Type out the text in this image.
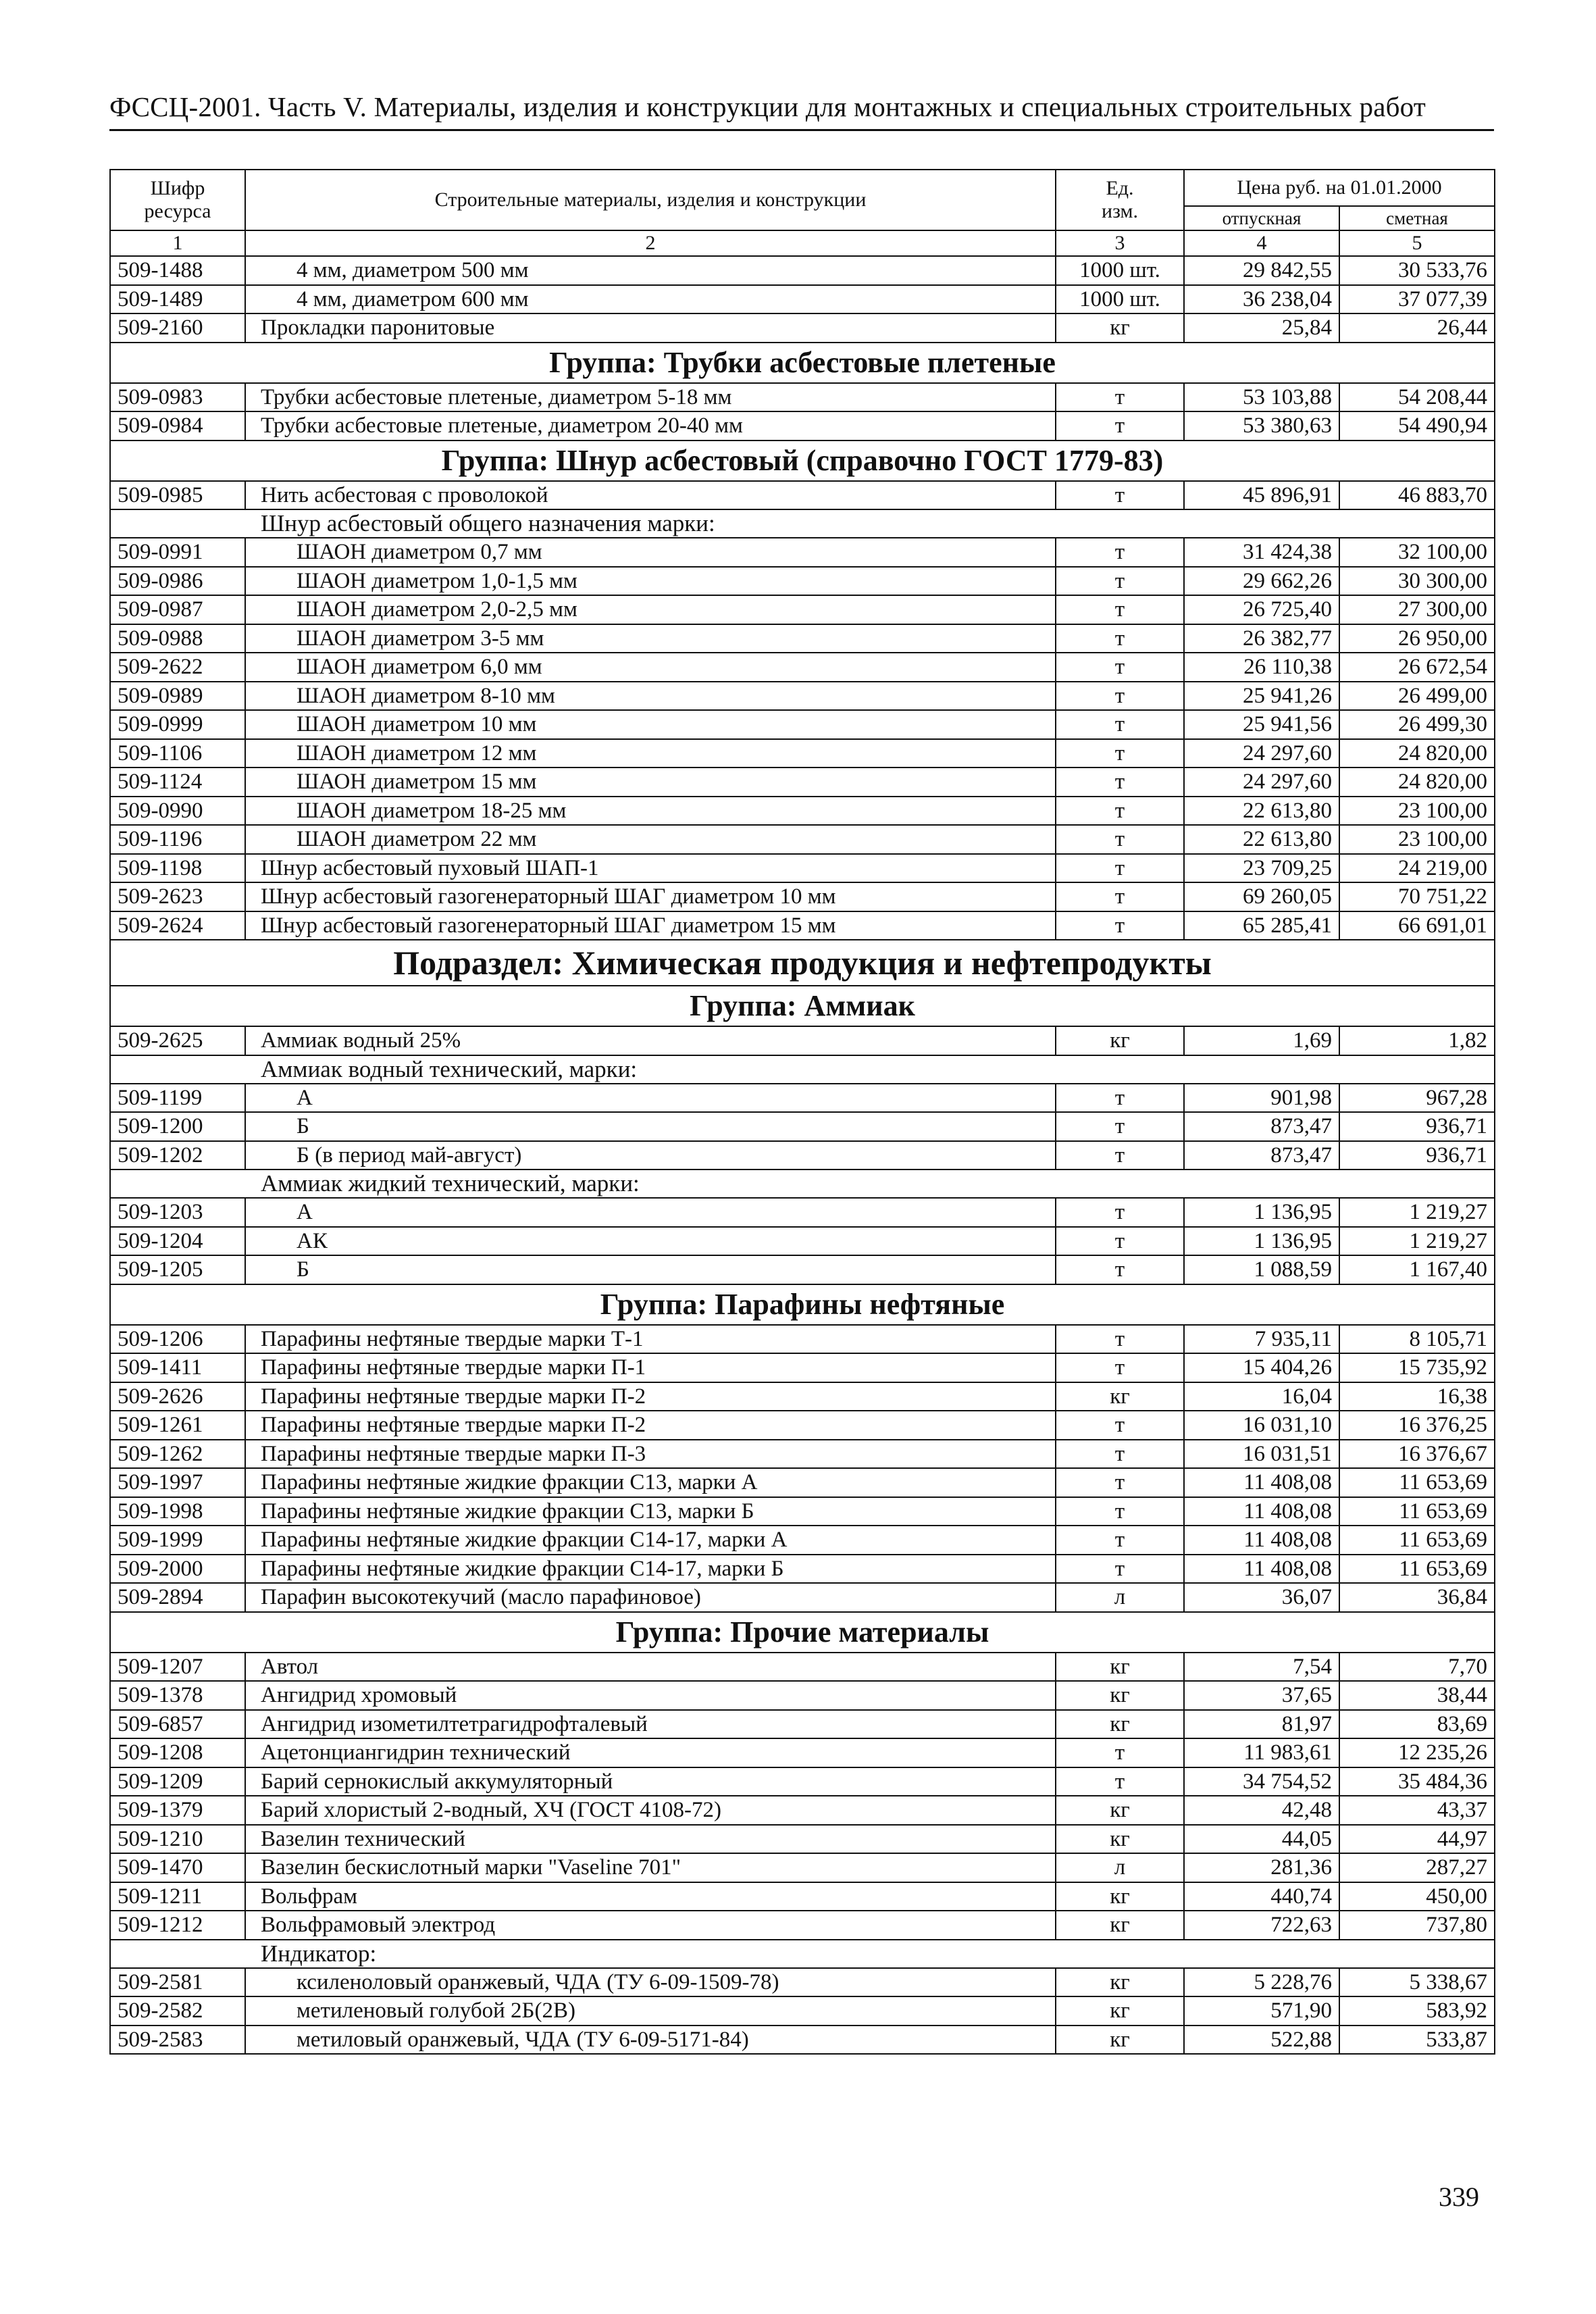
ФССЦ-2001. Часть V. Материалы, изделия и конструкции для монтажных и специальных строительных работ
Шифр ресурса	Строительные материалы, изделия и конструкции	Ед. изм.	Цена руб. на 01.01.2000	
			отпускная	сметная
1	2	3	4	5
509-1488	4 мм, диаметром 500 мм	1000 шт.	29 842,55	30 533,76
509-1489	4 мм, диаметром 600 мм	1000 шт.	36 238,04	37 077,39
509-2160	Прокладки паронитовые	кг	25,84	26,44
Группа: Трубки асбестовые плетеные				
509-0983	Трубки асбестовые плетеные, диаметром 5-18 мм	т	53 103,88	54 208,44
509-0984	Трубки асбестовые плетеные, диаметром 20-40 мм	т	53 380,63	54 490,94
Группа: Шнур асбестовый (справочно ГОСТ 1779-83)				
509-0985	Нить асбестовая с проволокой	т	45 896,91	46 883,70
Шнур асбестовый общего назначения марки:				
509-0991	ШАОН диаметром 0,7 мм	т	31 424,38	32 100,00
509-0986	ШАОН диаметром 1,0-1,5 мм	т	29 662,26	30 300,00
509-0987	ШАОН диаметром 2,0-2,5 мм	т	26 725,40	27 300,00
509-0988	ШАОН диаметром 3-5 мм	т	26 382,77	26 950,00
509-2622	ШАОН диаметром 6,0 мм	т	26 110,38	26 672,54
509-0989	ШАОН диаметром 8-10 мм	т	25 941,26	26 499,00
509-0999	ШАОН диаметром 10 мм	т	25 941,56	26 499,30
509-1106	ШАОН диаметром 12 мм	т	24 297,60	24 820,00
509-1124	ШАОН диаметром 15 мм	т	24 297,60	24 820,00
509-0990	ШАОН диаметром 18-25 мм	т	22 613,80	23 100,00
509-1196	ШАОН диаметром 22 мм	т	22 613,80	23 100,00
509-1198	Шнур асбестовый пуховый ШАП-1	т	23 709,25	24 219,00
509-2623	Шнур асбестовый газогенераторный ШАГ диаметром 10 мм	т	69 260,05	70 751,22
509-2624	Шнур асбестовый газогенераторный ШАГ диаметром 15 мм	т	65 285,41	66 691,01
Подраздел: Химическая продукция и нефтепродукты				
Группа: Аммиак				
509-2625	Аммиак водный 25%	кг	1,69	1,82
Аммиак водный технический, марки:				
509-1199	А	т	901,98	967,28
509-1200	Б	т	873,47	936,71
509-1202	Б (в период май-август)	т	873,47	936,71
Аммиак жидкий технический, марки:				
509-1203	А	т	1 136,95	1 219,27
509-1204	АК	т	1 136,95	1 219,27
509-1205	Б	т	1 088,59	1 167,40
Группа: Парафины нефтяные				
509-1206	Парафины нефтяные твердые марки Т-1	т	7 935,11	8 105,71
509-1411	Парафины нефтяные твердые марки П-1	т	15 404,26	15 735,92
509-2626	Парафины нефтяные твердые марки П-2	кг	16,04	16,38
509-1261	Парафины нефтяные твердые марки П-2	т	16 031,10	16 376,25
509-1262	Парафины нефтяные твердые марки П-3	т	16 031,51	16 376,67
509-1997	Парафины нефтяные жидкие фракции С13, марки А	т	11 408,08	11 653,69
509-1998	Парафины нефтяные жидкие фракции С13, марки Б	т	11 408,08	11 653,69
509-1999	Парафины нефтяные жидкие фракции С14-17, марки А	т	11 408,08	11 653,69
509-2000	Парафины нефтяные жидкие фракции С14-17, марки Б	т	11 408,08	11 653,69
509-2894	Парафин высокотекучий (масло парафиновое)	л	36,07	36,84
Группа: Прочие материалы				
509-1207	Автол	кг	7,54	7,70
509-1378	Ангидрид хромовый	кг	37,65	38,44
509-6857	Ангидрид изометилтетрагидрофталевый	кг	81,97	83,69
509-1208	Ацетонциангидрин технический	т	11 983,61	12 235,26
509-1209	Барий сернокислый аккумуляторный	т	34 754,52	35 484,36
509-1379	Барий хлористый 2-водный, ХЧ (ГОСТ 4108-72)	кг	42,48	43,37
509-1210	Вазелин технический	кг	44,05	44,97
509-1470	Вазелин бескислотный марки "Vaseline 701"	л	281,36	287,27
509-1211	Вольфрам	кг	440,74	450,00
509-1212	Вольфрамовый электрод	кг	722,63	737,80
Индикатор:				
509-2581	ксиленоловый оранжевый, ЧДА (ТУ 6-09-1509-78)	кг	5 228,76	5 338,67
509-2582	метиленовый голубой 2Б(2В)	кг	571,90	583,92
509-2583	метиловый оранжевый, ЧДА (ТУ 6-09-5171-84)	кг	522,88	533,87
339
